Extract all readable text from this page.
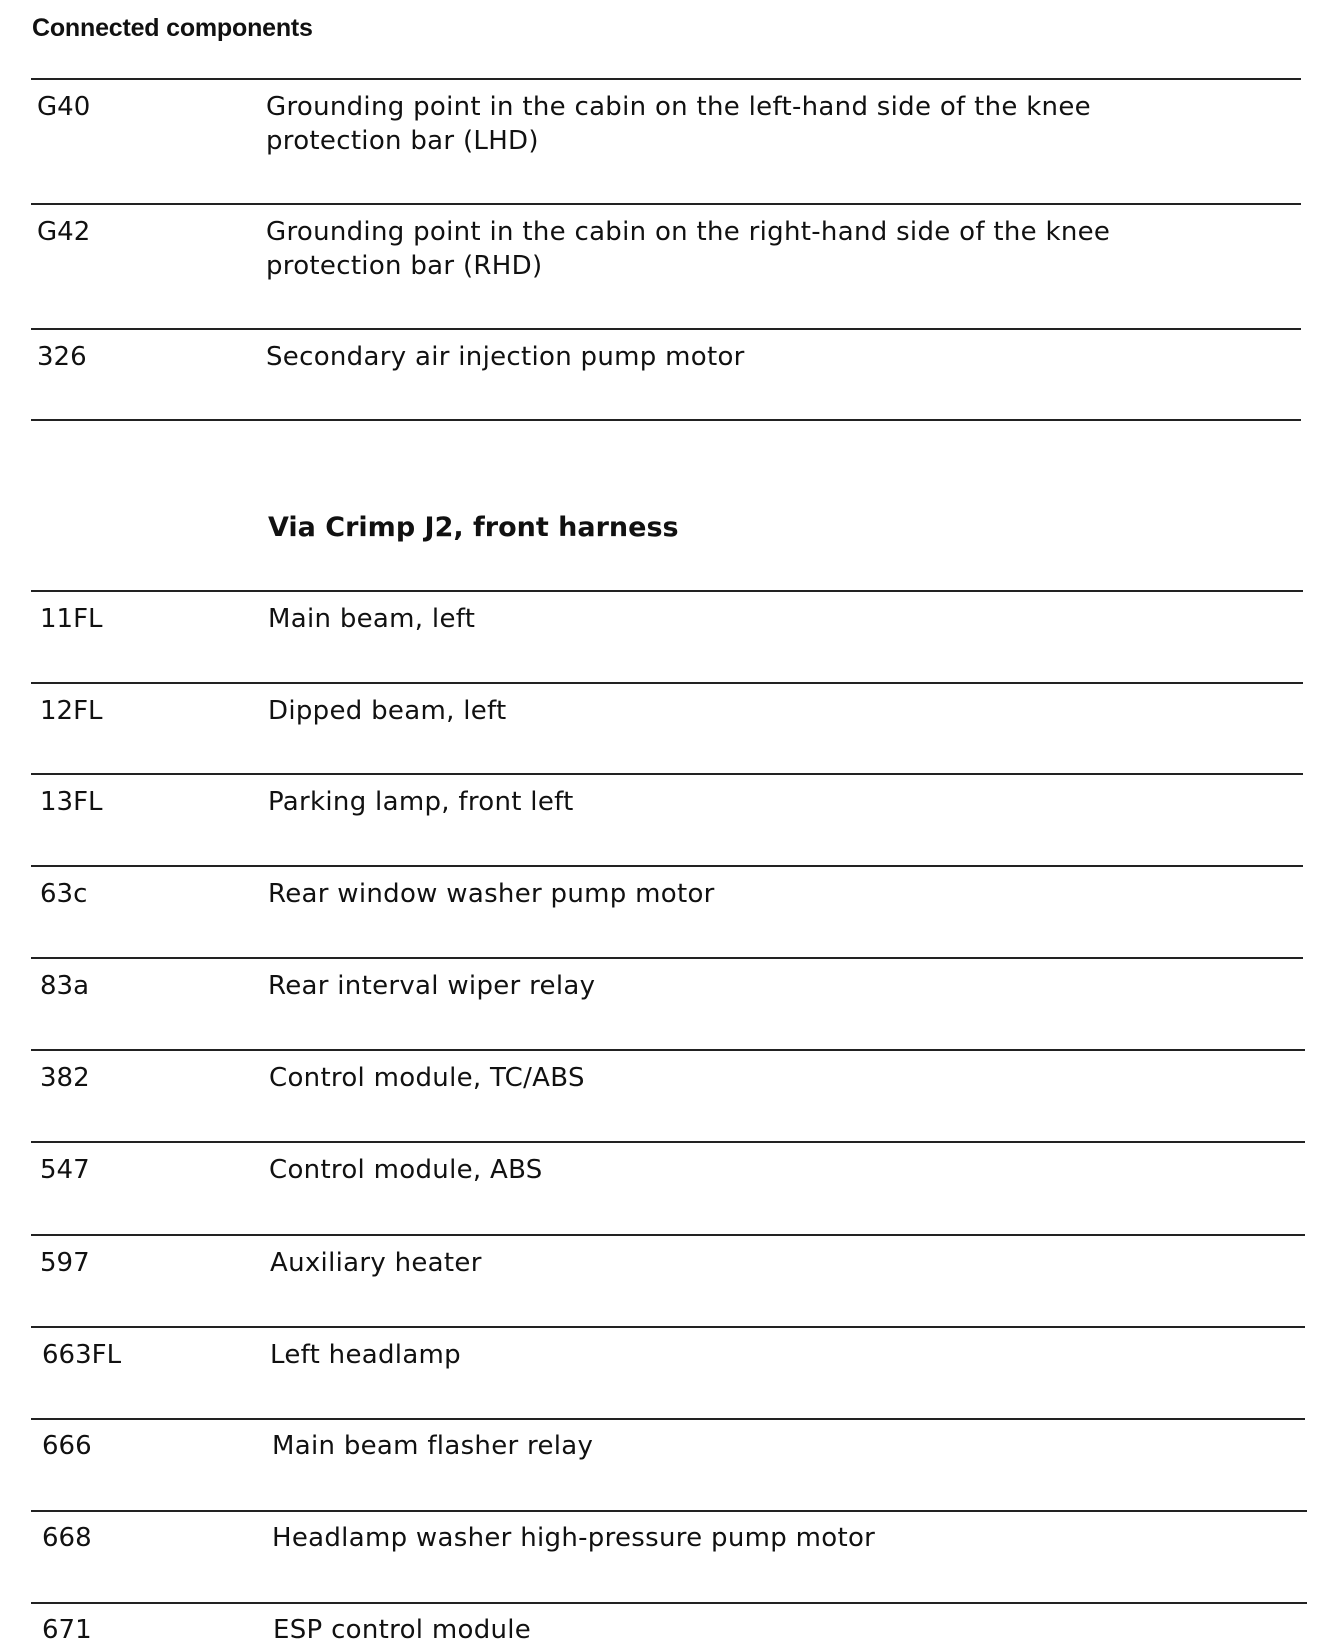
Connected components
G40	Grounding point in the cabin on the left-hand side of the knee protection bar (LHD)
G42	Grounding point in the cabin on the right-hand side of the knee protection bar (RHD)
326	Secondary air injection pump motor
Via Crimp J2, front harness
11FL	Main beam, left
12FL	Dipped beam, left
13FL	Parking lamp, front left
63c	Rear window washer pump motor
83a	Rear interval wiper relay
382	Control module, TC/ABS
547	Control module, ABS
597	Auxiliary heater
663FL	Left headlamp
666	Main beam flasher relay
668	Headlamp washer high-pressure pump motor
671	ESP control module
